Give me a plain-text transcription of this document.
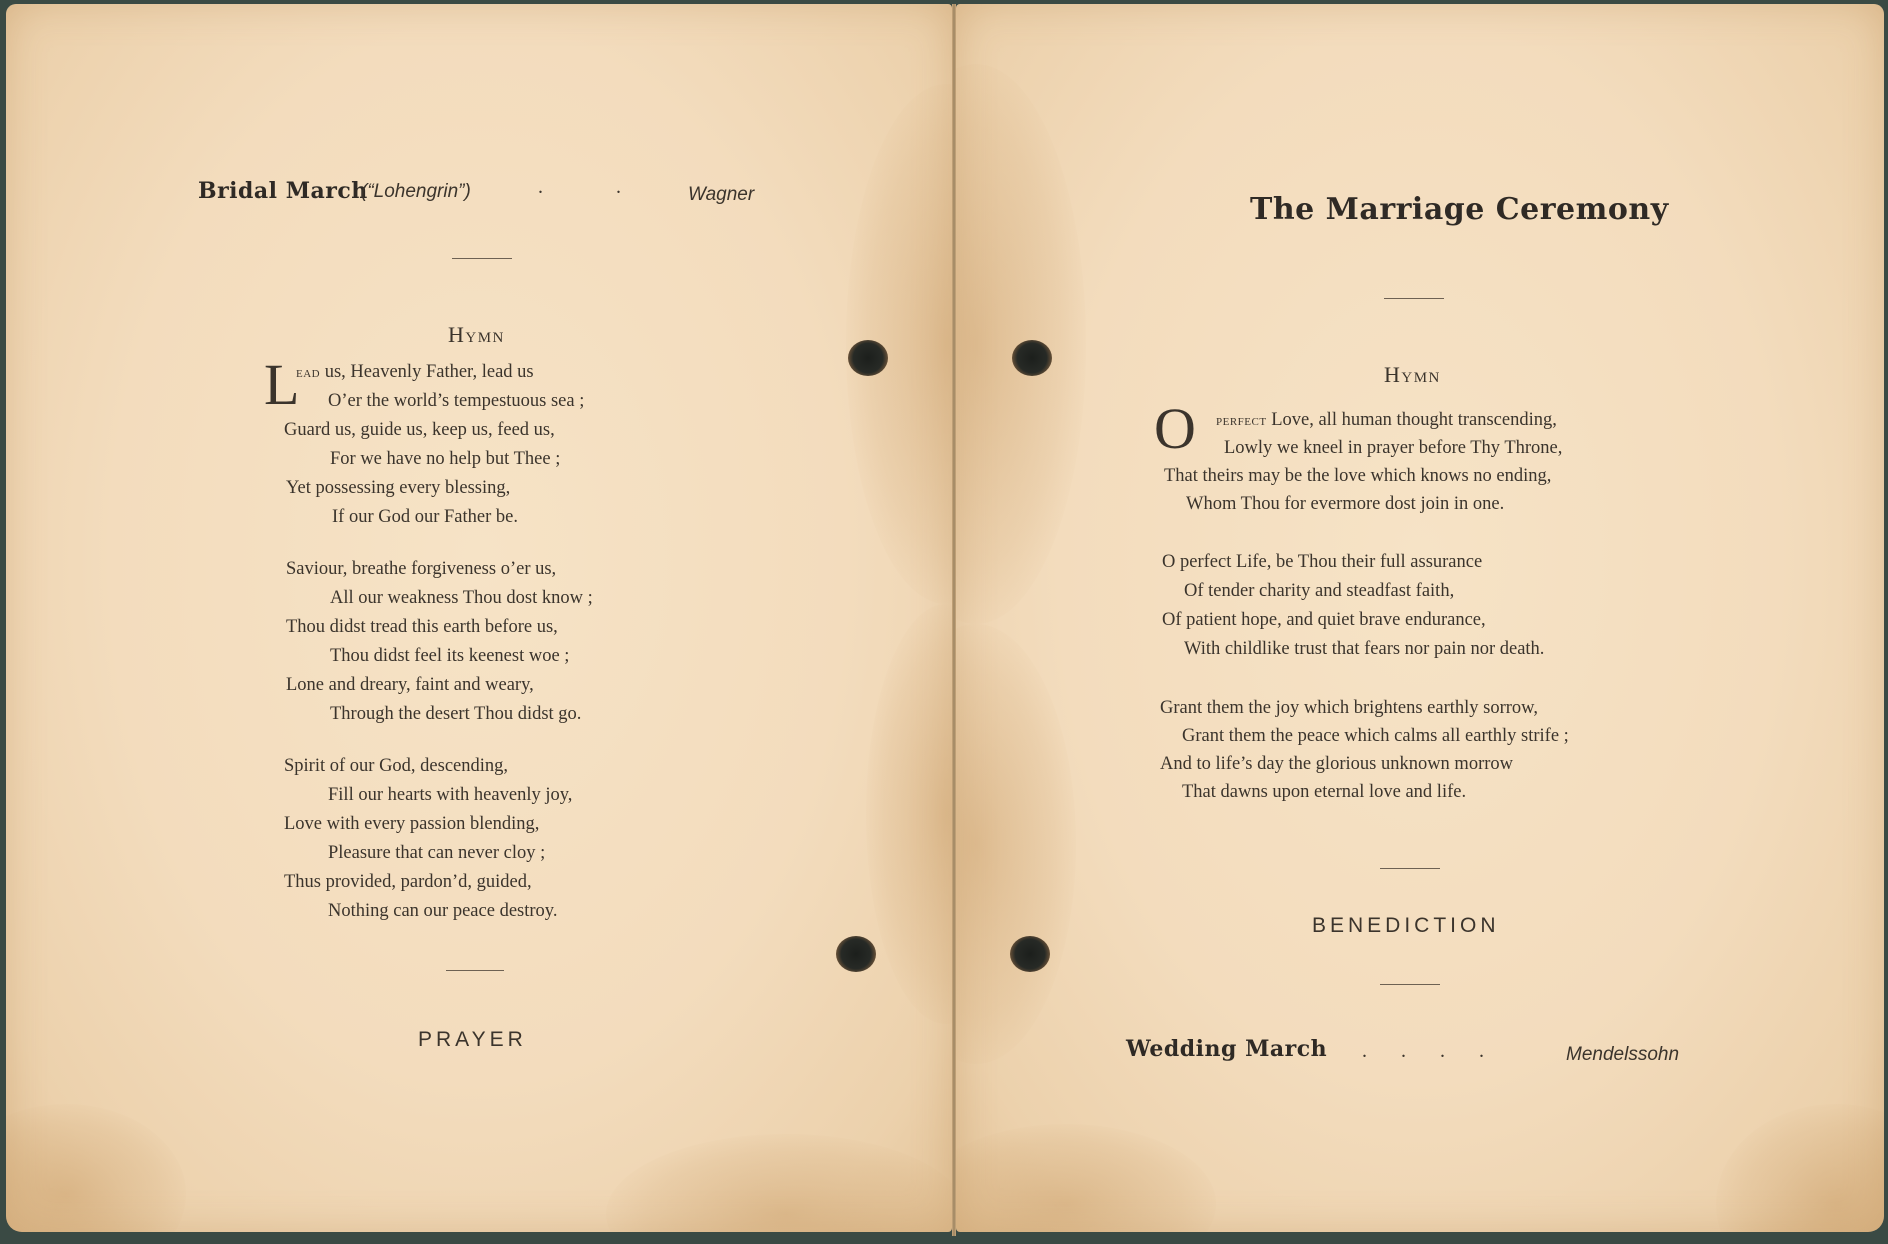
Bridal March
(“Lohengrin”)	. . Wagner
Hymn
L
ead us, Heavenly Father, lead us
O’er the world’s tempestuous sea ;
Guard us, guide us, keep us, feed us,
For we have no help but Thee ;
Yet possessing every blessing,
If our God our Father be.
Saviour, breathe forgiveness o’er us,
All our weakness Thou dost know ;
Thou didst tread this earth before us,
Thou didst feel its keenest woe ;
Lone and dreary, faint and weary,
Through the desert Thou didst go.
Spirit of our God, descending,
Fill our hearts with heavenly joy,
Love with every passion blending,
Pleasure that can never cloy ;
Thus provided, pardon’d, guided,
Nothing can our peace destroy.
PRAYER
The Marriage Ceremony
Hymn
O perfect Love, all human thought transcending,
Lowly we kneel in prayer before Thy Throne,
That theirs may be the love which knows no ending,
Whom Thou for evermore dost join in one.
O perfect Life, be Thou their full assurance
Of tender charity and steadfast faith,
Of patient hope, and quiet brave endurance,
With childlike trust that fears nor pain nor death.
Grant them the joy which brightens earthly sorrow,
Grant them the peace which calms all earthly strife ;
And to life’s day the glorious unknown morrow
That dawns upon eternal love and life.
BENEDICTION
Wedding March ....	Mendelssohn
